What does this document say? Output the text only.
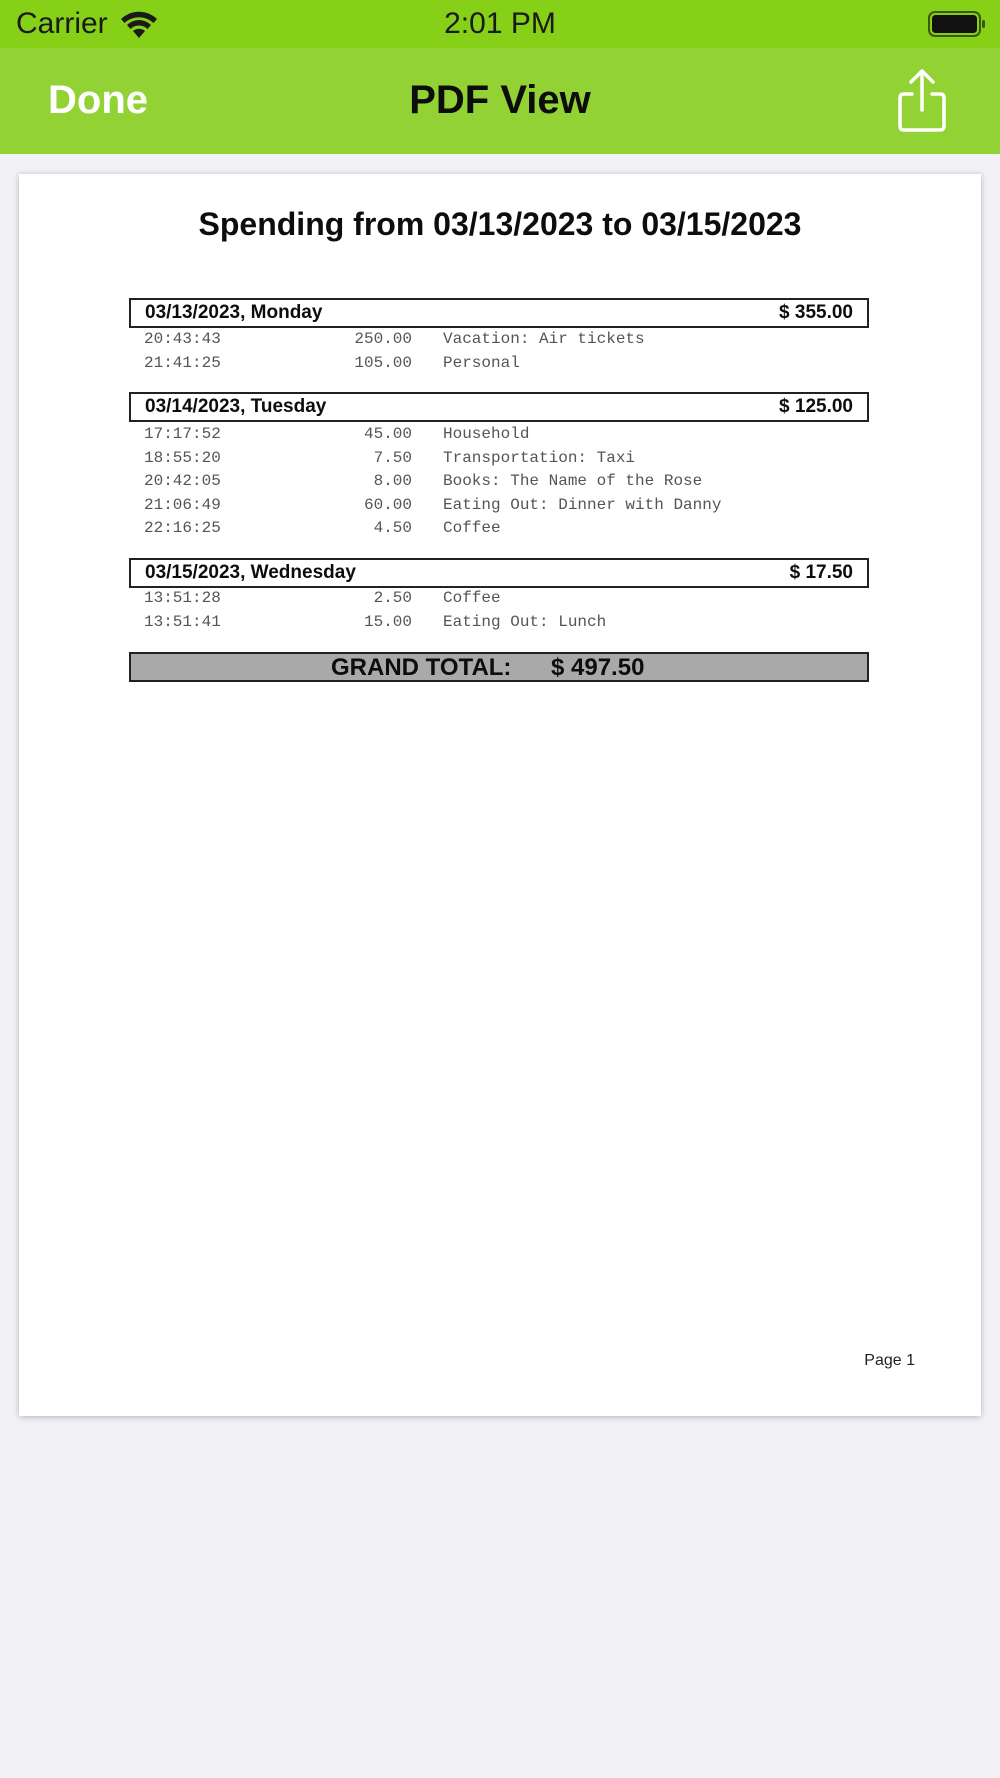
Carrier	2:01 PM
Done	PDF View
Spending from 03/13/2023 to 03/15/2023
03/13/2023, Monday	$ 355.00
20:43:43	250.00 Vacation: Air tickets
21:41:25	105.00 Personal
03/14/2023, Tuesday	$ 125.00
17:17:52	45.00 Household
18:55:20	7.50 Transportation: Taxi
20:42:05	8.00 Books: The Name of the Rose
21:06:49	60.00 Eating Out: Dinner with Danny
22:16:25	4.50 Coffee
03/15/2023, Wednesday	$ 17.50
13:51:28	2.50 Coffee
13:51:41	15.00 Eating Out: Lunch
GRAND TOTAL: $ 497.50
Page 1
